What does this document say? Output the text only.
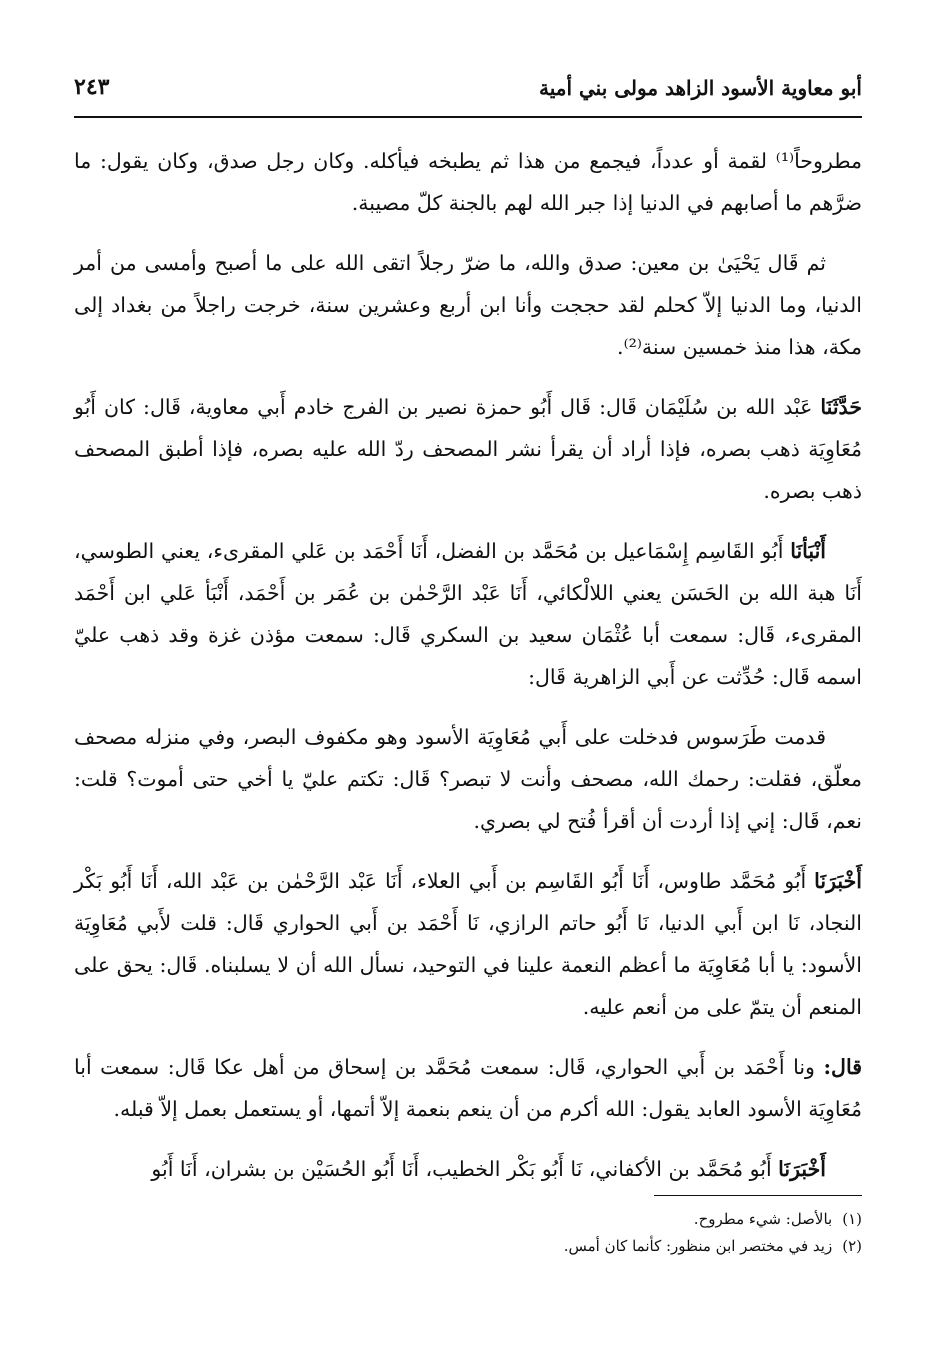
أبو معاوية الأسود الزاهد مولى بني أمية
٢٤٣

مطروحاً⁽¹⁾ لقمة أو عدداً، فيجمع من هذا ثم يطبخه فيأكله. وكان رجل صدق، وكان يقول: ما ضرَّهم ما أصابهم في الدنيا إذا جبر الله لهم بالجنة كلّ مصيبة.

ثم قَال يَحْيَىٰ بن معين: صدق والله، ما ضرّ رجلاً اتقى الله على ما أصبح وأمسى من أمر الدنيا، وما الدنيا إلاّ كحلم لقد حججت وأنا ابن أربع وعشرين سنة، خرجت راجلاً من بغداد إلى مكة، هذا منذ خمسين سنة⁽²⁾.

حَدَّثَنَا عَبْد الله بن سُلَيْمَان قَال: قَال أَبُو حمزة نصير بن الفرج خادم أَبي معاوية، قَال: كان أَبُو مُعَاوِيَة ذهب بصره، فإذا أراد أن يقرأ نشر المصحف ردّ الله عليه بصره، فإذا أطبق المصحف ذهب بصره.

أَنْبَأنَا أَبُو القَاسِم إِسْمَاعيل بن مُحَمَّد بن الفضل، أَنَا أَحْمَد بن عَلي المقرىء، يعني الطوسي، أَنَا هبة الله بن الحَسَن يعني اللالْكائي، أَنَا عَبْد الرَّحْمٰن بن عُمَر بن أَحْمَد، أَنْبَأ عَلي ابن أَحْمَد المقرىء، قَال: سمعت أبا عُثْمَان سعيد بن السكري قَال: سمعت مؤذن غزة وقد ذهب عليّ اسمه قَال: حُدِّثت عن أَبي الزاهرية قَال:

قدمت طَرَسوس فدخلت على أَبي مُعَاوِيَة الأسود وهو مكفوف البصر، وفي منزله مصحف معلّق، فقلت: رحمك الله، مصحف وأنت لا تبصر؟ قَال: تكتم عليّ يا أخي حتى أموت؟ قلت: نعم، قَال: إني إذا أردت أن أقرأ فُتح لي بصري.

أَخْبَرَنَا أَبُو مُحَمَّد طاوس، أَنَا أَبُو القَاسِم بن أَبي العلاء، أَنَا عَبْد الرَّحْمٰن بن عَبْد الله، أَنَا أَبُو بَكْر النجاد، نَا ابن أَبي الدنيا، نَا أَبُو حاتم الرازي، نَا أَحْمَد بن أَبي الحواري قَال: قلت لأَبي مُعَاوِيَة الأسود: يا أبا مُعَاوِيَة ما أعظم النعمة علينا في التوحيد، نسأل الله أن لا يسلبناه. قَال: يحق على المنعم أن يتمّ على من أنعم عليه.

قال: ونا أَحْمَد بن أَبي الحواري، قَال: سمعت مُحَمَّد بن إسحاق من أهل عكا قَال: سمعت أبا مُعَاوِيَة الأسود العابد يقول: الله أكرم من أن ينعم بنعمة إلاّ أتمها، أو يستعمل بعمل إلاّ قبله.

أَخْبَرَنَا أَبُو مُحَمَّد بن الأكفاني، نَا أَبُو بَكْر الخطيب، أَنَا أَبُو الحُسَيْن بن بشران، أَنَا أَبُو

(١)بالأصل: شيء مطروح.
(٢)زيد في مختصر ابن منظور: كأنما كان أمس.
